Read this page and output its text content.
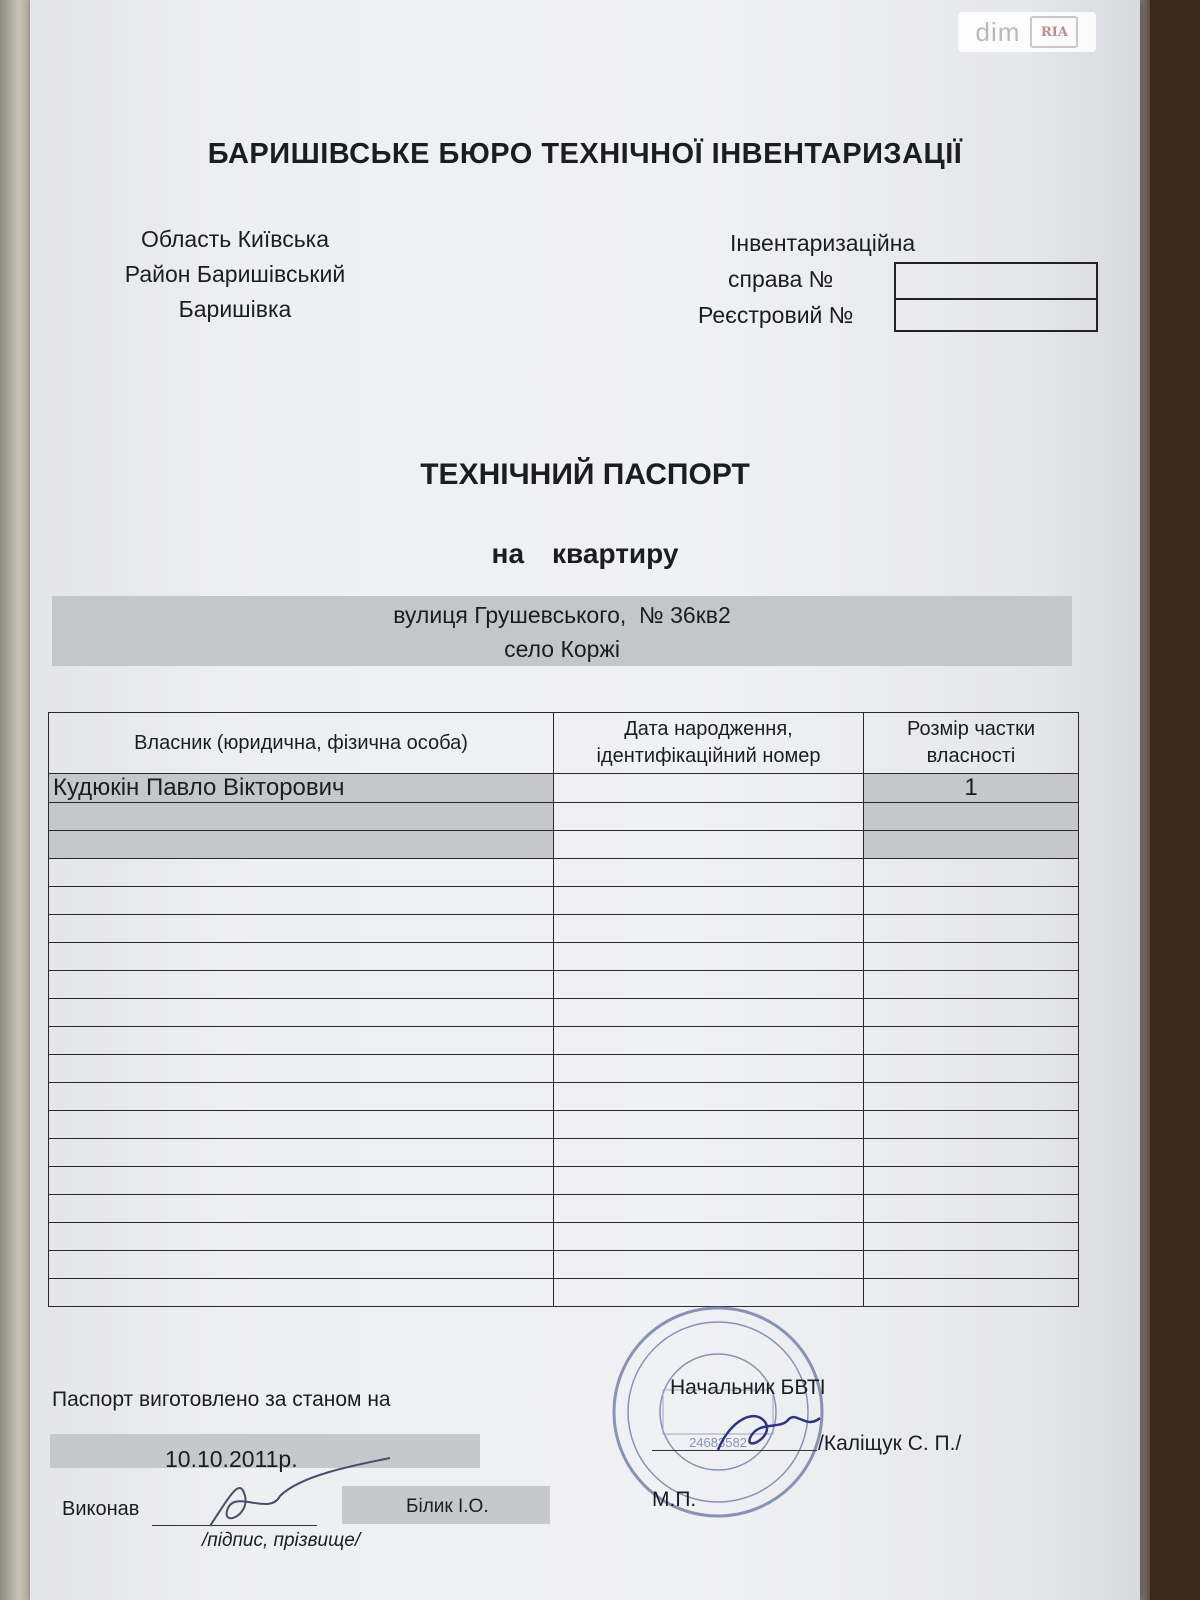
БАРИШІВСЬКЕ БЮРО ТЕХНІЧНОЇ ІНВЕНТАРИЗАЦІЇ
Область Київська
Район Баришівський
Баришівка
Інвентаризаційна
справа №
Реєстровий №
ТЕХНІЧНИЙ ПАСПОРТ
на квартиру
вулиця Грушевського,  № 36кв2
село Коржі
Власник (юридична, фізична особа)	Дата народження, ідентифікаційний номер	Розмір частки власності
Кудюкін Павло Вікторович		1

Паспорт виготовлено за станом на
10.10.2011р.
Виконав	Білик І.О.
/підпис, прізвище/
24683582
Начальник БВТІ
/Каліщук С. П./
М.П.
dim	RIA
